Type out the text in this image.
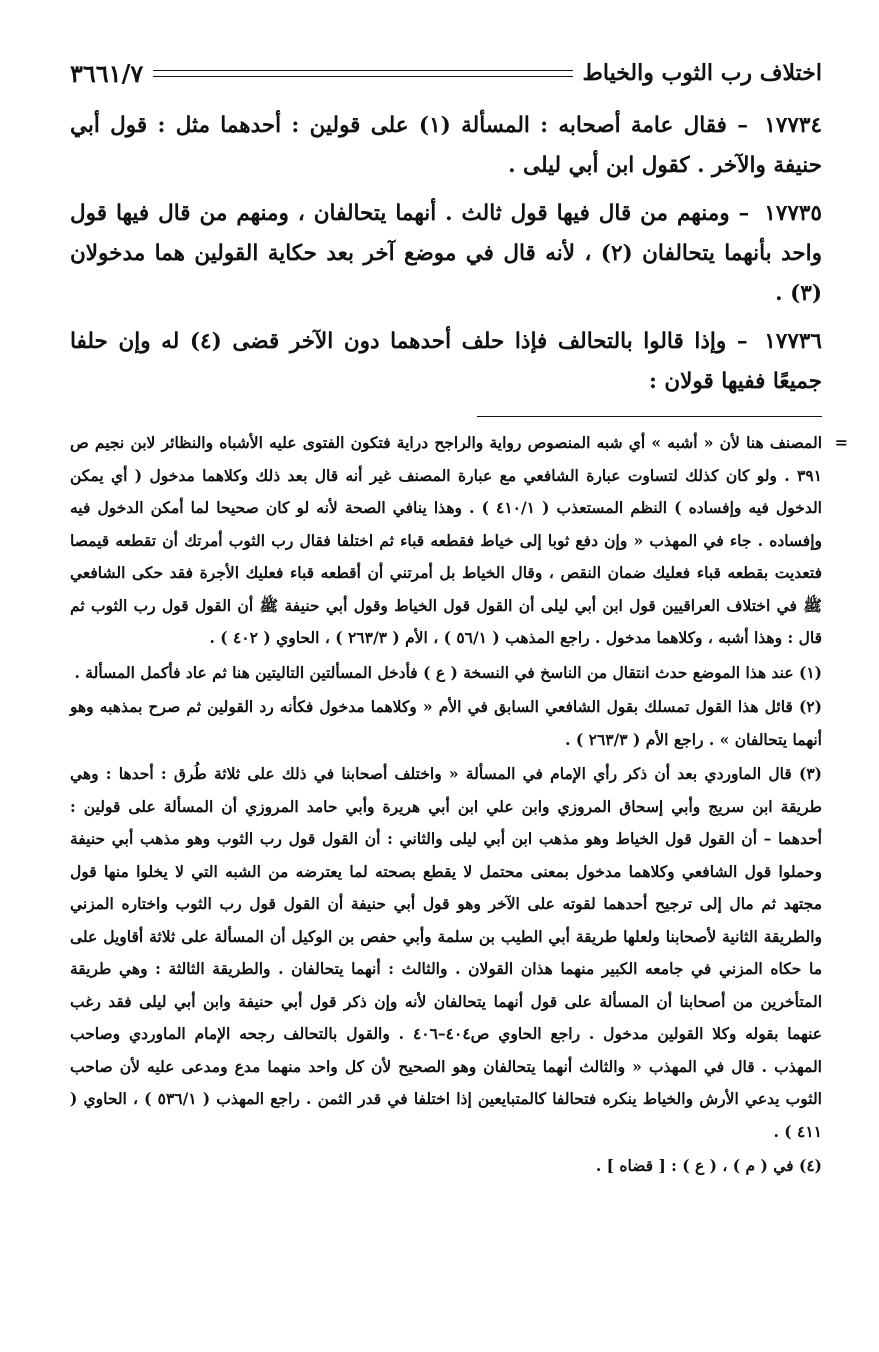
اختلاف رب الثوب والخياط
٣٦٦١/٧

١٧٧٣٤ – فقال عامة أصحابه : المسألة (١) على قولين : أحدهما مثل : قول أبي حنيفة والآخر . كقول ابن أبي ليلى .

١٧٧٣٥ – ومنهم من قال فيها قول ثالث . أنهما يتحالفان ، ومنهم من قال فيها قول واحد بأنهما يتحالفان (٢) ، لأنه قال في موضع آخر بعد حكاية القولين هما مدخولان (٣) .

١٧٧٣٦ – وإذا قالوا بالتحالف فإذا حلف أحدهما دون الآخر قضى (٤) له وإن حلفا جميعًا ففيها قولان :

=
المصنف هنا لأن « أشبه » أي شبه المنصوص رواية والراجح دراية فتكون الفتوى عليه الأشباه والنظائر لابن نجيم ص ٣٩١ . ولو كان كذلك لتساوت عبارة الشافعي مع عبارة المصنف غير أنه قال بعد ذلك وكلاهما مدخول ( أي يمكن الدخول فيه وإفساده ) النظم المستعذب ( ٤١٠/١ ) . وهذا ينافي الصحة لأنه لو كان صحيحا لما أمكن الدخول فيه وإفساده . جاء في المهذب « وإن دفع ثوبا إلى خياط فقطعه قباء ثم اختلفا فقال رب الثوب أمرتك أن تقطعه قيمصا فتعديت بقطعه قباء فعليك ضمان النقص ، وقال الخياط بل أمرتني أن أقطعه قباء فعليك الأجرة فقد حكى الشافعي ﷺ في اختلاف العراقيين قول ابن أبي ليلى أن القول قول الخياط وقول أبي حنيفة ﷺ أن القول قول رب الثوب ثم قال : وهذا أشبه ، وكلاهما مدخول . راجع المذهب ( ٥٦/١ ) ، الأم ( ٢٦٣/٣ ) ، الحاوي ( ٤٠٢ ) .

(١) عند هذا الموضع حدث انتقال من الناسخ في النسخة ( ع ) فأدخل المسألتين التاليتين هنا ثم عاد فأكمل المسألة .

(٢) قائل هذا القول تمسلك بقول الشافعي السابق في الأم « وكلاهما مدخول فكأنه رد القولين ثم صرح بمذهبه وهو أنهما يتحالفان » . راجع الأم ( ٢٦٣/٣ ) .

(٣) قال الماوردي بعد أن ذكر رأي الإمام في المسألة « واختلف أصحابنا في ذلك على ثلاثة طُرق : أحدها : وهي طريقة ابن سريج وأبي إسحاق المروزي وابن علي ابن أبي هريرة وأبي حامد المروزي أن المسألة على قولين : أحدهما – أن القول قول الخياط وهو مذهب ابن أبي ليلى والثاني : أن القول قول رب الثوب وهو مذهب أبي حنيفة وحملوا قول الشافعي وكلاهما مدخول بمعنى محتمل لا يقطع بصحته لما يعترضه من الشبه التي لا يخلوا منها قول مجتهد ثم مال إلى ترجيح أحدهما لقوته على الآخر وهو قول أبي حنيفة أن القول قول رب الثوب واختاره المزني والطريقة الثانية لأصحابنا ولعلها طريقة أبي الطيب بن سلمة وأبي حفص بن الوكيل أن المسألة على ثلاثة أقاويل على ما حكاه المزني في جامعه الكبير منهما هذان القولان . والثالث : أنهما يتحالفان . والطريقة الثالثة : وهي طريقة المتأخرين من أصحابنا أن المسألة على قول أنهما يتحالفان لأنه وإن ذكر قول أبي حنيفة وابن أبي ليلى فقد رغب عنهما بقوله وكلا القولين مدخول . راجع الحاوي ص٤٠٤–٤٠٦ . والقول بالتحالف رجحه الإمام الماوردي وصاحب المهذب . قال في المهذب « والثالث أنهما يتحالفان وهو الصحيح لأن كل واحد منهما مدع ومدعى عليه لأن صاحب الثوب يدعي الأرش والخياط ينكره فتحالفا كالمتبايعين إذا اختلفا في قدر الثمن . راجع المهذب ( ٥٣٦/١ ) ، الحاوي ( ٤١١ ) .

(٤) في ( م ) ، ( ع ) : [ قضاه ] .
